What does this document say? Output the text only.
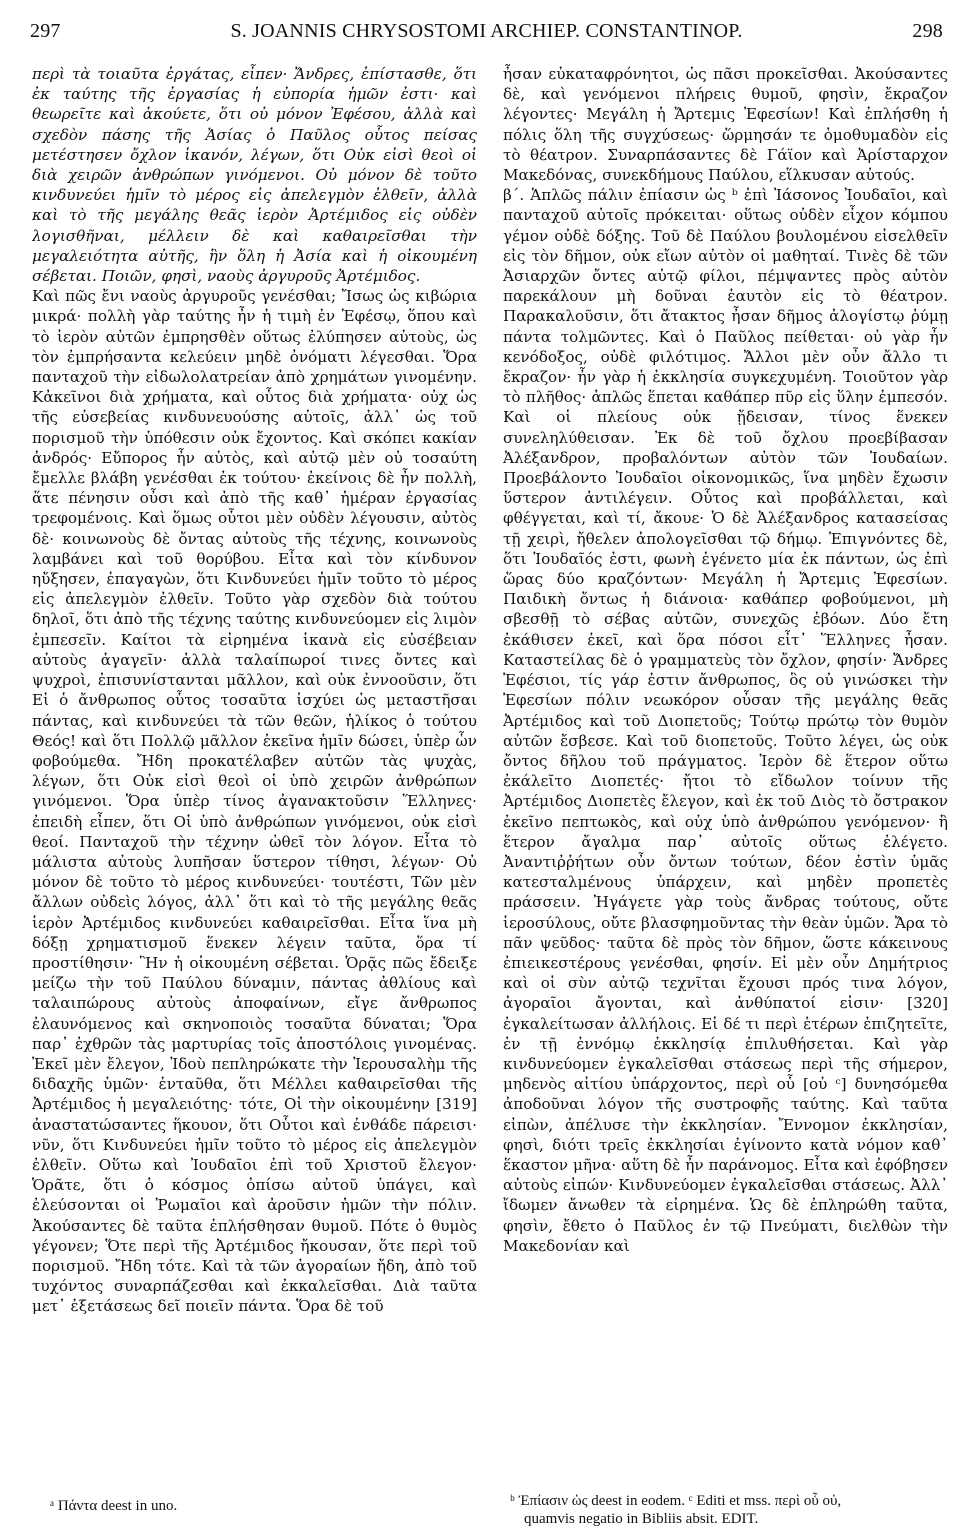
297	S. JOANNIS CHRYSOSTOMI ARCHIEP. CONSTANTINOP.	298

περὶ τὰ τοιαῦτα ἐργάτας, εἶπεν· Ἄνδρες, ἐπίστασθε, ὅτι ἐκ ταύτης τῆς ἐργασίας ἡ εὐπορία ἡμῶν ἐστι· καὶ θεωρεῖτε καὶ ἀκούετε, ὅτι οὐ μόνον Ἐφέσου, ἀλλὰ καὶ σχεδὸν πάσης τῆς Ἀσίας ὁ Παῦλος οὗτος πείσας μετέστησεν ὄχλον ἱκανόν, λέγων, ὅτι Οὐκ εἰσὶ θεοὶ οἱ διὰ χειρῶν ἀνθρώπων γινόμενοι. Οὐ μόνον δὲ τοῦτο κινδυνεύει ἡμῖν τὸ μέρος εἰς ἀπελεγμὸν ἐλθεῖν, ἀλλὰ καὶ τὸ τῆς μεγάλης θεᾶς ἱερὸν Ἀρτέμιδος εἰς οὐδὲν λογισθῆναι, μέλλειν δὲ καὶ καθαιρεῖσθαι τὴν μεγαλειότητα αὐτῆς, ἣν ὅλη ἡ Ἀσία καὶ ἡ οἰκουμένη σέβεται. Ποιῶν, φησὶ, ναοὺς ἀργυροῦς Ἀρτέμιδος.

Καὶ πῶς ἔνι ναοὺς ἀργυροῦς γενέσθαι; Ἴσως ὡς κιβώρια μικρά· πολλὴ γὰρ ταύτης ἦν ἡ τιμὴ ἐν Ἐφέσῳ, ὅπου καὶ τὸ ἱερὸν αὐτῶν ἐμπρησθὲν οὕτως ἐλύπησεν αὐτοὺς, ὡς τὸν ἐμπρήσαντα κελεύειν μηδὲ ὀνόματι λέγεσθαι. Ὅρα πανταχοῦ τὴν εἰδωλολατρείαν ἀπὸ χρημάτων γινομένην. Κἀκεῖνοι διὰ χρήματα, καὶ οὗτος διὰ χρήματα· οὐχ ὡς τῆς εὐσεβείας κινδυνευούσης αὐτοῖς, ἀλλ᾽ ὡς τοῦ πορισμοῦ τὴν ὑπόθεσιν οὐκ ἔχοντος. Καὶ σκόπει κακίαν ἀνδρός· Εὔπορος ἦν αὐτὸς, καὶ αὐτῷ μὲν οὐ τοσαύτη ἔμελλε βλάβη γενέσθαι ἐκ τούτου· ἐκείνοις δὲ ἦν πολλὴ, ἅτε πένησιν οὖσι καὶ ἀπὸ τῆς καθ᾽ ἡμέραν ἐργασίας τρεφομένοις. Καὶ ὅμως οὗτοι μὲν οὐδὲν λέγουσιν, αὐτὸς δὲ· κοινωνοὺς δὲ ὄντας αὐτοὺς τῆς τέχνης, κοινωνοὺς λαμβάνει καὶ τοῦ θορύβου. Εἶτα καὶ τὸν κίνδυνον ηὔξησεν, ἐπαγαγὼν, ὅτι Κινδυνεύει ἡμῖν τοῦτο τὸ μέρος εἰς ἀπελεγμὸν ἐλθεῖν. Τοῦτο γὰρ σχεδὸν διὰ τούτου δηλοῖ, ὅτι ἀπὸ τῆς τέχνης ταύτης κινδυνεύομεν εἰς λιμὸν ἐμπεσεῖν. Καίτοι τὰ εἰρημένα ἱκανὰ εἰς εὐσέβειαν αὐτοὺς ἀγαγεῖν· ἀλλὰ ταλαίπωροί τινες ὄντες καὶ ψυχροὶ, ἐπισυνίστανται μᾶλλον, καὶ οὐκ ἐννοοῦσιν, ὅτι Εἰ ὁ ἄνθρωπος οὗτος τοσαῦτα ἰσχύει ὡς μεταστῆσαι πάντας, καὶ κινδυνεύει τὰ τῶν θεῶν, ἡλίκος ὁ τούτου Θεός! καὶ ὅτι Πολλῷ μᾶλλον ἐκεῖνα ἡμῖν δώσει, ὑπὲρ ὧν φοβούμεθα. Ἤδη προκατέλαβεν αὐτῶν τὰς ψυχὰς, λέγων, ὅτι Οὐκ εἰσὶ θεοὶ οἱ ὑπὸ χειρῶν ἀνθρώπων γινόμενοι. Ὅρα ὑπὲρ τίνος ἀγανακτοῦσιν Ἕλληνες· ἐπειδὴ εἶπεν, ὅτι Οἱ ὑπὸ ἀνθρώπων γινόμενοι, οὐκ εἰσὶ θεοί. Πανταχοῦ τὴν τέχνην ὠθεῖ τὸν λόγον. Εἶτα τὸ μάλιστα αὐτοὺς λυπῆσαν ὕστερον τίθησι, λέγων· Οὐ μόνον δὲ τοῦτο τὸ μέρος κινδυνεύει· τουτέστι, Τῶν μὲν ἄλλων οὐδεὶς λόγος, ἀλλ᾽ ὅτι καὶ τὸ τῆς μεγάλης θεᾶς ἱερὸν Ἀρτέμιδος κινδυνεύει καθαιρεῖσθαι. Εἶτα ἵνα μὴ δόξῃ χρηματισμοῦ ἕνεκεν λέγειν ταῦτα, ὅρα τί προστίθησιν· Ἣν ἡ οἰκουμένη σέβεται. Ὁρᾷς πῶς ἔδειξε μείζω τὴν τοῦ Παύλου δύναμιν, πάντας ἀθλίους καὶ ταλαιπώρους αὐτοὺς ἀποφαίνων, εἴγε ἄνθρωπος ἐλαυνόμενος καὶ σκηνοποιὸς τοσαῦτα δύναται; Ὅρα παρ᾽ ἐχθρῶν τὰς μαρτυρίας τοῖς ἀποστόλοις γινομένας. Ἐκεῖ μὲν ἔλεγον, Ἰδοὺ πεπληρώκατε τὴν Ἱερουσαλὴμ τῆς διδαχῆς ὑμῶν· ἐνταῦθα, ὅτι Μέλλει καθαιρεῖσθαι τῆς Ἀρτέμιδος ἡ μεγαλειότης· τότε, Οἱ τὴν οἰκουμένην [319] ἀναστατώσαντες ἥκουον, ὅτι Οὗτοι καὶ ἐνθάδε πάρεισι· νῦν, ὅτι Κινδυνεύει ἡμῖν τοῦτο τὸ μέρος εἰς ἀπελεγμὸν ἐλθεῖν. Οὕτω καὶ Ἰουδαῖοι ἐπὶ τοῦ Χριστοῦ ἔλεγον· Ὁρᾶτε, ὅτι ὁ κόσμος ὀπίσω αὐτοῦ ὑπάγει, καὶ ἐλεύσονται οἱ Ῥωμαῖοι καὶ ἀροῦσιν ἡμῶν τὴν πόλιν. Ἀκούσαντες δὲ ταῦτα ἐπλήσθησαν θυμοῦ. Πότε ὁ θυμὸς γέγονεν; Ὅτε περὶ τῆς Ἀρτέμιδος ἤκουσαν, ὅτε περὶ τοῦ πορισμοῦ. Ἤδη τότε. Καὶ τὰ τῶν ἀγοραίων ἤδη, ἀπὸ τοῦ τυχόντος συναρπάζεσθαι καὶ ἐκκαλεῖσθαι. Διὰ ταῦτα μετ᾽ ἐξετάσεως δεῖ ποιεῖν πάντα. Ὅρα δὲ τοῦ

ἦσαν εὐκαταφρόνητοι, ὡς πᾶσι προκεῖσθαι. Ἀκούσαντες δὲ, καὶ γενόμενοι πλήρεις θυμοῦ, φησὶν, ἔκραζον λέγοντες· Μεγάλη ἡ Ἄρτεμις Ἐφεσίων! Καὶ ἐπλήσθη ἡ πόλις ὅλη τῆς συγχύσεως· ὥρμησάν τε ὁμοθυμαδὸν εἰς τὸ θέατρον. Συναρπάσαντες δὲ Γάϊον καὶ Ἀρίσταρχον Μακεδόνας, συνεκδήμους Παύλου, εἵλκυσαν αὐτούς.

β΄. Ἁπλῶς πάλιν ἐπίασιν ὡς ᵇ ἐπὶ Ἰάσονος Ἰουδαῖοι, καὶ πανταχοῦ αὐτοῖς πρόκειται· οὕτως οὐδὲν εἶχον κόμπου γέμον οὐδὲ δόξης. Τοῦ δὲ Παύλου βουλομένου εἰσελθεῖν εἰς τὸν δῆμον, οὐκ εἴων αὐτὸν οἱ μαθηταί. Τινὲς δὲ τῶν Ἀσιαρχῶν ὄντες αὐτῷ φίλοι, πέμψαντες πρὸς αὐτὸν παρεκάλουν μὴ δοῦναι ἑαυτὸν εἰς τὸ θέατρον. Παρακαλοῦσιν, ὅτι ἄτακτος ἦσαν δῆμος ἀλογίστῳ ῥύμῃ πάντα τολμῶντες. Καὶ ὁ Παῦλος πείθεται· οὐ γὰρ ἦν κενόδοξος, οὐδὲ φιλότιμος. Ἄλλοι μὲν οὖν ἄλλο τι ἔκραζον· ἦν γὰρ ἡ ἐκκλησία συγκεχυμένη. Τοιοῦτον γὰρ τὸ πλῆθος· ἁπλῶς ἕπεται καθάπερ πῦρ εἰς ὕλην ἐμπεσόν. Καὶ οἱ πλείους οὐκ ᾔδεισαν, τίνος ἕνεκεν συνεληλύθεισαν. Ἐκ δὲ τοῦ ὄχλου προεβίβασαν Ἀλέξανδρον, προβαλόντων αὐτὸν τῶν Ἰουδαίων. Προεβάλοντο Ἰουδαῖοι οἰκονομικῶς, ἵνα μηδὲν ἔχωσιν ὕστερον ἀντιλέγειν. Οὗτος καὶ προβάλλεται, καὶ φθέγγεται, καὶ τί, ἄκουε· Ὁ δὲ Ἀλέξανδρος κατασείσας τῇ χειρὶ, ἤθελεν ἀπολογεῖσθαι τῷ δήμῳ. Ἐπιγνόντες δὲ, ὅτι Ἰουδαῖός ἐστι, φωνὴ ἐγένετο μία ἐκ πάντων, ὡς ἐπὶ ὥρας δύο κραζόντων· Μεγάλη ἡ Ἄρτεμις Ἐφεσίων. Παιδικὴ ὄντως ἡ διάνοια· καθάπερ φοβούμενοι, μὴ σβεσθῇ τὸ σέβας αὐτῶν, συνεχῶς ἐβόων. Δύο ἔτη ἐκάθισεν ἐκεῖ, καὶ ὅρα πόσοι εἶτ᾽ Ἕλληνες ἦσαν. Καταστείλας δὲ ὁ γραμματεὺς τὸν ὄχλον, φησίν· Ἄνδρες Ἐφέσιοι, τίς γάρ ἐστιν ἄνθρωπος, ὃς οὐ γινώσκει τὴν Ἐφεσίων πόλιν νεωκόρον οὖσαν τῆς μεγάλης θεᾶς Ἀρτέμιδος καὶ τοῦ Διοπετοῦς; Τούτῳ πρώτῳ τὸν θυμὸν αὐτῶν ἔσβεσε. Καὶ τοῦ διοπετοῦς. Τοῦτο λέγει, ὡς οὐκ ὄντος δῆλου τοῦ πράγματος. Ἱερὸν δὲ ἕτερον οὕτω ἐκάλεῖτο Διοπετές· ἤτοι τὸ εἴδωλον τοίνυν τῆς Ἀρτέμιδος Διοπετὲς ἔλεγον, καὶ ἐκ τοῦ Διὸς τὸ ὄστρακον ἐκεῖνο πεπτωκὸς, καὶ οὐχ ὑπὸ ἀνθρώπου γενόμενον· ἢ ἕτερον ἄγαλμα παρ᾽ αὐτοῖς οὕτως ἐλέγετο. Ἀναντιῤῥήτων οὖν ὄντων τούτων, δέον ἐστὶν ὑμᾶς κατεσταλμένους ὑπάρχειν, καὶ μηδὲν προπετὲς πράσσειν. Ἠγάγετε γὰρ τοὺς ἄνδρας τούτους, οὔτε ἱεροσύλους, οὔτε βλασφημοῦντας τὴν θεὰν ὑμῶν. Ἄρα τὸ πᾶν ψεῦδος· ταῦτα δὲ πρὸς τὸν δῆμον, ὥστε κάκεινους ἐπιεικεστέρους γενέσθαι, φησίν. Εἰ μὲν οὖν Δημήτριος καὶ οἱ σὺν αὐτῷ τεχνῖται ἔχουσι πρός τινα λόγον, ἀγοραῖοι ἄγονται, καὶ ἀνθύπατοί εἰσιν· [320] ἐγκαλείτωσαν ἀλλήλοις. Εἰ δέ τι περὶ ἑτέρων ἐπιζητεῖτε, ἐν τῇ ἐννόμῳ ἐκκλησίᾳ ἐπιλυθήσεται. Καὶ γὰρ κινδυνεύομεν ἐγκαλεῖσθαι στάσεως περὶ τῆς σήμερον, μηδενὸς αἰτίου ὑπάρχοντος, περὶ οὗ [οὐ ᶜ] δυνησόμεθα ἀποδοῦναι λόγον τῆς συστροφῆς ταύτης. Καὶ ταῦτα εἰπὼν, ἀπέλυσε τὴν ἐκκλησίαν. Ἔννομον ἐκκλησίαν, φησὶ, διότι τρεῖς ἐκκλησίαι ἐγίνοντο κατὰ νόμον καθ᾽ ἕκαστον μῆνα· αὕτη δὲ ἦν παράνομος. Εἶτα καὶ ἐφόβησεν αὐτοὺς εἰπών· Κινδυνεύομεν ἐγκαλεῖσθαι στάσεως. Ἀλλ᾽ ἴδωμεν ἄνωθεν τὰ εἰρημένα. Ὡς δὲ ἐπληρώθη ταῦτα, φησὶν, ἔθετο ὁ Παῦλος ἐν τῷ Πνεύματι, διελθὼν τὴν Μακεδονίαν καὶ

ᵃ Πάντα deest in uno.	ᵇ Ἐπίασιν ὡς deest in eodem. ᶜ Editi et mss. περὶ οὗ οὐ,
quamvis negatio in Bibliis absit. EDIT.
